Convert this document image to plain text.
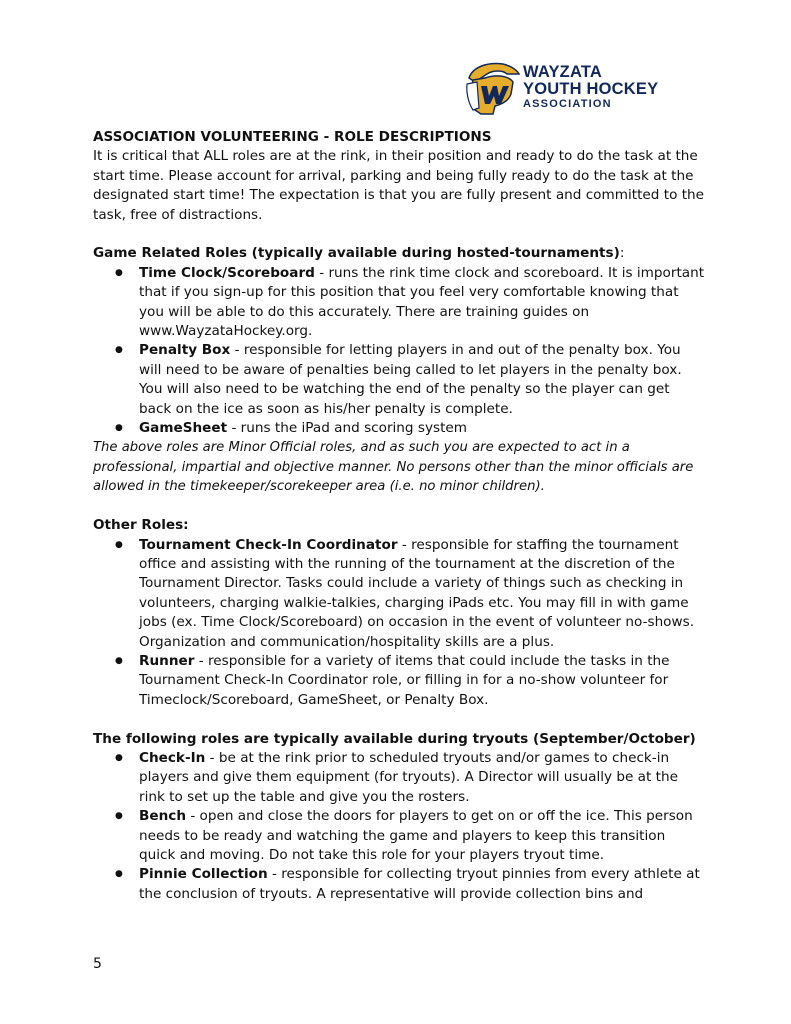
WAYZATA
YOUTH HOCKEY
ASSOCIATION

ASSOCIATION VOLUNTEERING - ROLE DESCRIPTIONS

It is critical that ALL roles are at the rink, in their position and ready to do the task at the start time. Please account for arrival, parking and being fully ready to do the task at the designated start time! The expectation is that you are fully present and committed to the task, free of distractions.

Game Related Roles (typically available during hosted-tournaments):

● Time Clock/Scoreboard - runs the rink time clock and scoreboard. It is important that if you sign-up for this position that you feel very comfortable knowing that you will be able to do this accurately. There are training guides on www.WayzataHockey.org.
● Penalty Box - responsible for letting players in and out of the penalty box. You will need to be aware of penalties being called to let players in the penalty box. You will also need to be watching the end of the penalty so the player can get back on the ice as soon as his/her penalty is complete.
● GameSheet - runs the iPad and scoring system

The above roles are Minor Official roles, and as such you are expected to act in a professional, impartial and objective manner. No persons other than the minor officials are allowed in the timekeeper/scorekeeper area (i.e. no minor children).

Other Roles:

● Tournament Check-In Coordinator - responsible for staffing the tournament office and assisting with the running of the tournament at the discretion of the Tournament Director. Tasks could include a variety of things such as checking in volunteers, charging walkie-talkies, charging iPads etc. You may fill in with game jobs (ex. Time Clock/Scoreboard) on occasion in the event of volunteer no-shows. Organization and communication/hospitality skills are a plus.
● Runner - responsible for a variety of items that could include the tasks in the Tournament Check-In Coordinator role, or filling in for a no-show volunteer for Timeclock/Scoreboard, GameSheet, or Penalty Box.

The following roles are typically available during tryouts (September/October)

● Check-In - be at the rink prior to scheduled tryouts and/or games to check-in players and give them equipment (for tryouts). A Director will usually be at the rink to set up the table and give you the rosters.
● Bench - open and close the doors for players to get on or off the ice. This person needs to be ready and watching the game and players to keep this transition quick and moving. Do not take this role for your players tryout time.
● Pinnie Collection - responsible for collecting tryout pinnies from every athlete at the conclusion of tryouts. A representative will provide collection bins and
5
